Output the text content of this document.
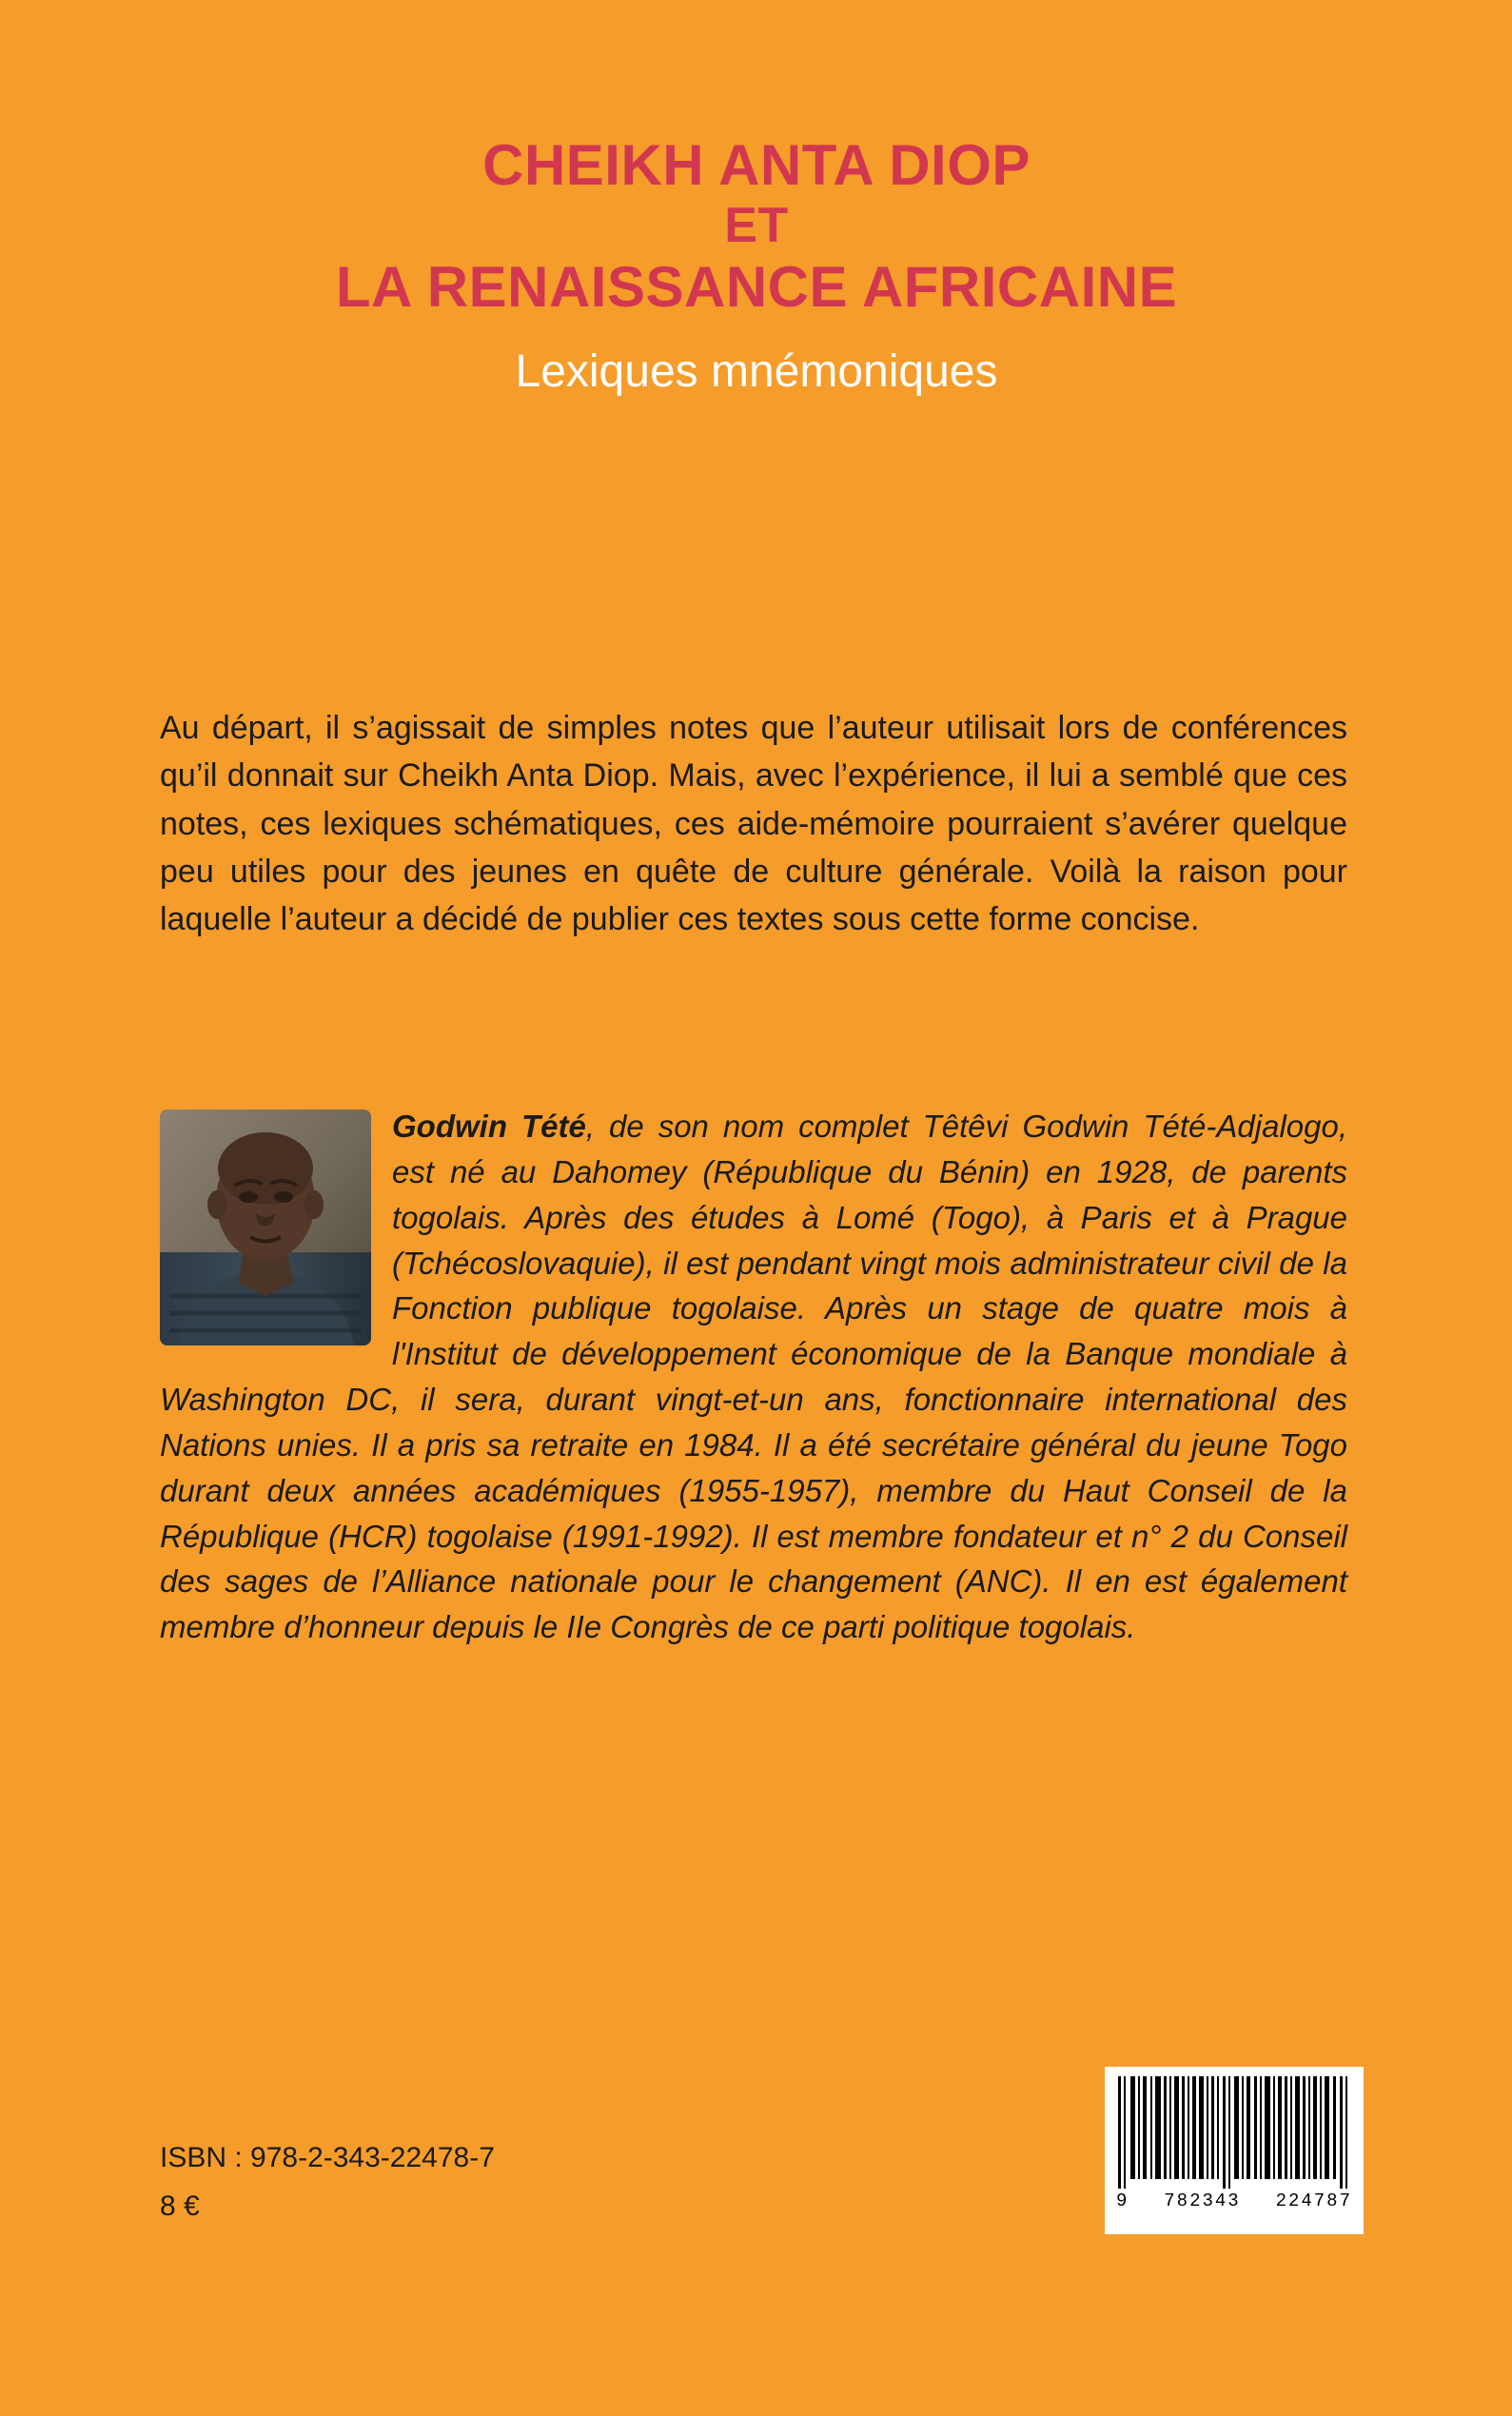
CHEIKH ANTA DIOP
ET
LA RENAISSANCE AFRICAINE
Lexiques mnémoniques
Au départ, il s’agissait de simples notes que l’auteur utilisait lors de conférences qu’il donnait sur Cheikh Anta Diop. Mais, avec l’expérience, il lui a semblé que ces notes, ces lexiques schématiques, ces aide-mémoire pourraient s’avérer quelque peu utiles pour des jeunes en quête de culture générale. Voilà la raison pour laquelle l’auteur a décidé de publier ces textes sous cette forme concise.
Godwin Tété, de son nom complet Têtêvi Godwin Tété-Adjalogo, est né au Dahomey (République du Bénin) en 1928, de parents togolais. Après des études à Lomé (Togo), à Paris et à Prague (Tchécoslovaquie), il est pendant vingt mois administrateur civil de la Fonction publique togolaise. Après un stage de quatre mois à l'Institut de développement économique de la Banque mondiale à Washington DC, il sera, durant vingt-et-un ans, fonctionnaire international des Nations unies. Il a pris sa retraite en 1984. Il a été secrétaire général du jeune Togo durant deux années académiques (1955-1957), membre du Haut Conseil de la République (HCR) togolaise (1991-1992). Il est membre fondateur et n° 2 du Conseil des sages de l’Alliance nationale pour le changement (ANC). Il en est également membre d’honneur depuis le IIe Congrès de ce parti politique togolais.
ISBN : 978-2-343-22478-7
8 €	9 782343 224787
